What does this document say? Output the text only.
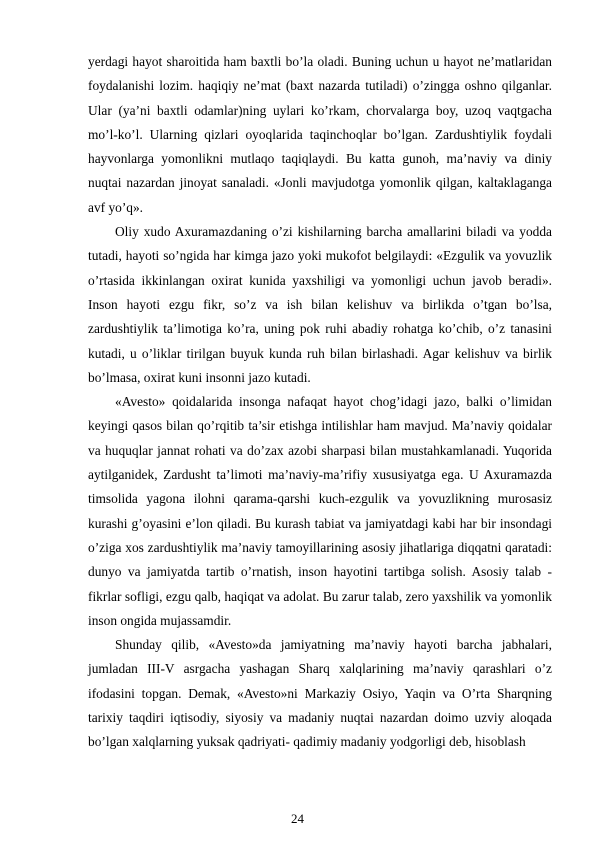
yerdagi hayot sharoitida ham baxtli bo’la oladi. Buning uchun u hayot ne’matlaridan foydalanishi lozim. haqiqiy ne’mat (baxt nazarda tutiladi) o’zingga oshno qilganlar. Ular (ya’ni baxtli odamlar)ning uylari ko’rkam, chorvalarga boy, uzoq vaqtgacha mo’l-ko’l. Ularning qizlari oyoqlarida taqinchoqlar bo’lgan. Zardushtiylik foydali hayvonlarga yomonlikni mutlaqo taqiqlaydi. Bu katta gunoh, ma’naviy va diniy nuqtai nazardan jinoyat sanaladi. «Jonli mavjudotga yomonlik qilgan, kaltaklaganga avf yo’q».

Oliy xudo Axuramazdaning o’zi kishilarning barcha amallarini biladi va yodda tutadi, hayoti so’ngida har kimga jazo yoki mukofot belgilaydi: «Ezgulik va yovuzlik o’rtasida ikkinlangan oxirat kunida yaxshiligi va yomonligi uchun javob beradi». Inson hayoti ezgu fikr, so’z va ish bilan kelishuv va birlikda o’tgan bo’lsa, zardushtiylik ta’limotiga ko’ra, uning pok ruhi abadiy rohatga ko’chib, o’z tanasini kutadi, u o’liklar tirilgan buyuk kunda ruh bilan birlashadi. Agar kelishuv va birlik bo’lmasa, oxirat kuni insonni jazo kutadi.

«Avesto» qoidalarida insonga nafaqat hayot chog’idagi jazo, balki o’limidan keyingi qasos bilan qo’rqitib ta’sir etishga intilishlar ham mavjud. Ma’naviy qoidalar va huquqlar jannat rohati va do’zax azobi sharpasi bilan mustahkamlanadi. Yuqorida aytilganidek, Zardusht ta’limoti ma’naviy-ma’rifiy xususiyatga ega. U Axuramazda timsolida yagona ilohni qarama-qarshi kuch-ezgulik va yovuzlikning murosasiz kurashi g’oyasini e’lon qiladi. Bu kurash tabiat va jamiyatdagi kabi har bir insondagi o’ziga xos zardushtiylik ma’naviy tamoyillarining asosiy jihatlariga diqqatni qaratadi: dunyo va jamiyatda tartib o’rnatish, inson hayotini tartibga solish. Asosiy talab - fikrlar sofligi, ezgu qalb, haqiqat va adolat. Bu zarur talab, zero yaxshilik va yomonlik inson ongida mujassamdir.

Shunday qilib, «Avesto»da jamiyatning ma’naviy hayoti barcha jabhalari, jumladan III-V asrgacha yashagan Sharq xalqlarining ma’naviy qarashlari o’z ifodasini topgan. Demak, «Avesto»ni Markaziy Osiyo, Yaqin va O’rta Sharqning tarixiy taqdiri iqtisodiy, siyosiy va madaniy nuqtai nazardan doimo uzviy aloqada bo’lgan xalqlarning yuksak qadriyati- qadimiy madaniy yodgorligi deb, hisoblash

24
